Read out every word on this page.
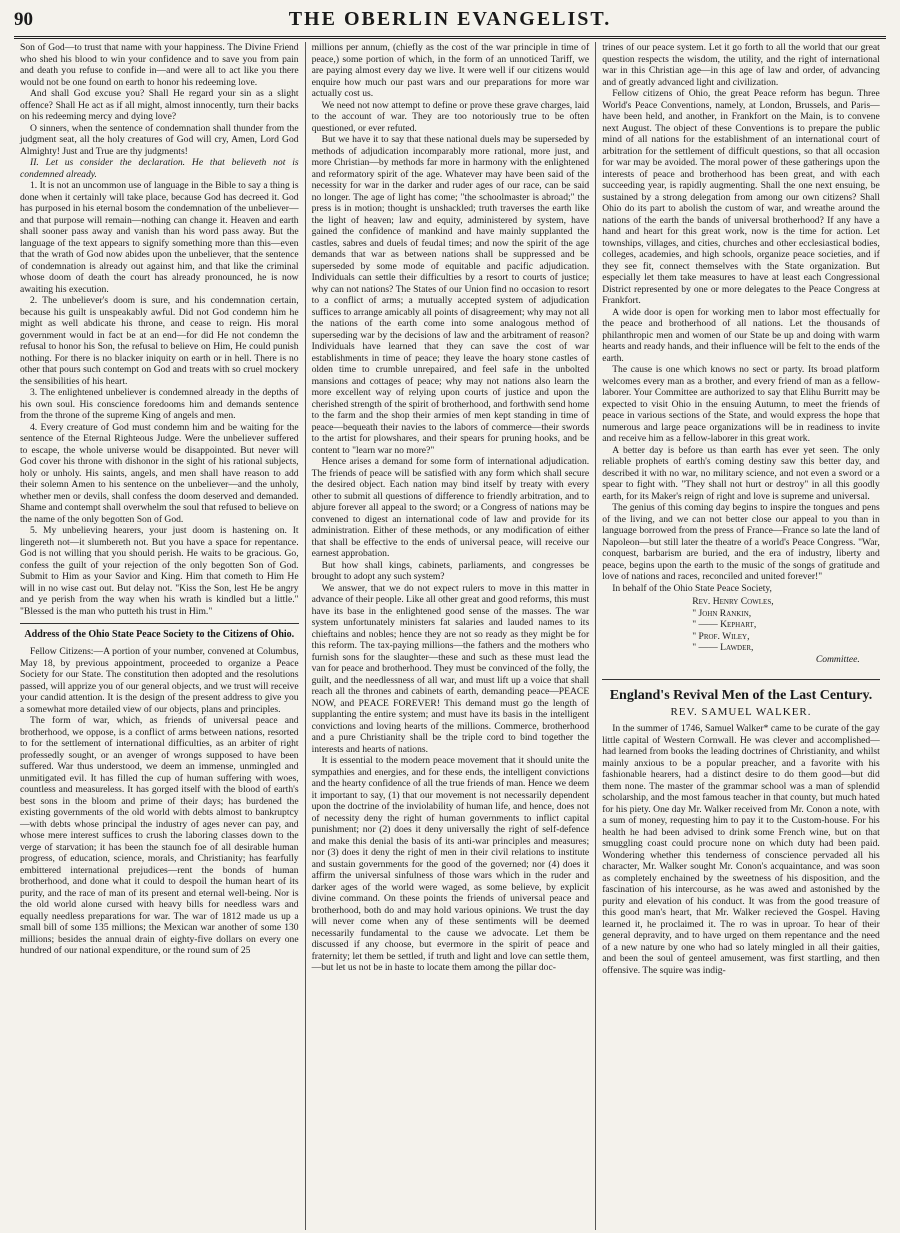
90	THE OBERLIN EVANGELIST.

Son of God—to trust that name with your happiness. The Divine Friend who shed his blood to win your confidence and to save you from pain and death you refuse to confide in—and were all to act like you there would not be one found on earth to honor his redeeming love.

And shall God excuse you? Shall He regard your sin as a slight offence? Shall He act as if all might, almost innocently, turn their backs on his redeeming mercy and dying love?

O sinners, when the sentence of condemnation shall thunder from the judgment seat, all the holy creatures of God will cry, Amen, Lord God Almighty! Just and True are thy judgments!

II. Let us consider the declaration. He that believeth not is condemned already.

1. It is not an uncommon use of language in the Bible to say a thing is done when it certainly will take place, because God has decreed it. God has purposed in his eternal bosom the condemnation of the unbeliever—and that purpose will remain—nothing can change it. Heaven and earth shall sooner pass away and vanish than his word pass away. But the language of the text appears to signify something more than this—even that the wrath of God now abides upon the unbeliever, that the sentence of condemnation is already out against him, and that like the criminal whose doom of death the court has already pronounced, he is now awaiting his execution.

2. The unbeliever's doom is sure, and his condemnation certain, because his guilt is unspeakably awful. Did not God condemn him he might as well abdicate his throne, and cease to reign. His moral government would in fact be at an end—for did He not condemn the refusal to honor his Son, the refusal to believe on Him, He could punish nothing. For there is no blacker iniquity on earth or in hell. There is no other that pours such contempt on God and treats with so cruel mockery the sensibilities of his heart.

3. The enlightened unbeliever is condemned already in the depths of his own soul. His conscience foredooms him and demands sentence from the throne of the supreme King of angels and men.

4. Every creature of God must condemn him and be waiting for the sentence of the Eternal Righteous Judge. Were the unbeliever suffered to escape, the whole universe would be disappointed. But never will God cover his throne with dishonor in the sight of his rational subjects, holy or unholy. His saints, angels, and men shall have reason to add their solemn Amen to his sentence on the unbeliever—and the unholy, whether men or devils, shall confess the doom deserved and demanded. Shame and contempt shall overwhelm the soul that refused to believe on the name of the only begotten Son of God.

5. My unbelieving hearers, your just doom is hastening on. It lingereth not—it slumbereth not. But you have a space for repentance. God is not willing that you should perish. He waits to be gracious. Go, confess the guilt of your rejection of the only begotten Son of God. Submit to Him as your Savior and King. Him that cometh to Him He will in no wise cast out. But delay not. "Kiss the Son, lest He be angry and ye perish from the way when his wrath is kindled but a little." "Blessed is the man who putteth his trust in Him."

Address of the Ohio State Peace Society to the Citizens of Ohio.

Fellow Citizens:—A portion of your number, convened at Columbus, May 18, by previous appointment, proceeded to organize a Peace Society for our State. The constitution then adopted and the resolutions passed, will apprize you of our general objects, and we trust will receive your candid attention. It is the design of the present address to give you a somewhat more detailed view of our objects, plans and principles.

The form of war, which, as friends of universal peace and brotherhood, we oppose, is a conflict of arms between nations, resorted to for the settlement of international difficulties, as an arbiter of right professedly sought, or an avenger of wrongs supposed to have been suffered. War thus understood, we deem an immense, unmingled and unmitigated evil. It has filled the cup of human suffering with woes, countless and measureless. It has gorged itself with the blood of earth's best sons in the bloom and prime of their days; has burdened the existing governments of the old world with debts almost to bankruptcy—with debts whose principal the industry of ages never can pay, and whose mere interest suffices to crush the laboring classes down to the verge of starvation; it has been the staunch foe of all desirable human progress, of education, science, morals, and Christianity; has fearfully embittered international prejudices—rent the bonds of human brotherhood, and done what it could to despoil the human heart of its purity, and the race of man of its present and eternal well-being. Nor is the old world alone cursed with heavy bills for needless wars and equally needless preparations for war. The war of 1812 made us up a small bill of some 135 millions; the Mexican war another of some 130 millions; besides the annual drain of eighty-five dollars on every one hundred of our national expenditure, or the round sum of 25

millions per annum, (chiefly as the cost of the war principle in time of peace,) some portion of which, in the form of an unnoticed Tariff, we are paying almost every day we live. It were well if our citizens would enquire how much our past wars and our preparations for more war actually cost us.

We need not now attempt to define or prove these grave charges, laid to the account of war. They are too notoriously true to be often questioned, or ever refuted.

But we have it to say that these national duels may be superseded by methods of adjudication incomparably more rational, more just, and more Christian—by methods far more in harmony with the enlightened and reformatory spirit of the age. Whatever may have been said of the necessity for war in the darker and ruder ages of our race, can be said no longer. The age of light has come; "the schoolmaster is abroad;" the press is in motion; thought is unshackled; truth traverses the earth like the light of heaven; law and equity, administered by system, have gained the confidence of mankind and have mainly supplanted the castles, sabres and duels of feudal times; and now the spirit of the age demands that war as between nations shall be suppressed and be superseded by some mode of equitable and pacific adjudication. Individuals can settle their difficulties by a resort to courts of justice; why can not nations? The States of our Union find no occasion to resort to a conflict of arms; a mutually accepted system of adjudication suffices to arrange amicably all points of disagreement; why may not all the nations of the earth come into some analogous method of superseding war by the decisions of law and the arbitrament of reason? Individuals have learned that they can save the cost of war establishments in time of peace; they leave the hoary stone castles of olden time to crumble unrepaired, and feel safe in the unbolted mansions and cottages of peace; why may not nations also learn the more excellent way of relying upon courts of justice and upon the cherished strength of the spirit of brotherhood, and forthwith send home to the farm and the shop their armies of men kept standing in time of peace—bequeath their navies to the labors of commerce—their swords to the artist for plowshares, and their spears for pruning hooks, and be content to "learn war no more?"

Hence arises a demand for some form of international adjudication. The friends of peace will be satisfied with any form which shall secure the desired object. Each nation may bind itself by treaty with every other to submit all questions of difference to friendly arbitration, and to abjure forever all appeal to the sword; or a Congress of nations may be convened to digest an international code of law and provide for its administration. Either of these methods, or any modification of either that shall be effective to the ends of universal peace, will receive our earnest approbation.

But how shall kings, cabinets, parliaments, and congresses be brought to adopt any such system?

We answer, that we do not expect rulers to move in this matter in advance of their people. Like all other great and good reforms, this must have its base in the enlightened good sense of the masses. The war system unfortunately ministers fat salaries and lauded names to its chieftains and nobles; hence they are not so ready as they might be for this reform. The tax-paying millions—the fathers and the mothers who furnish sons for the slaughter—these and such as these must lead the van for peace and brotherhood. They must be convinced of the folly, the guilt, and the needlessness of all war, and must lift up a voice that shall reach all the thrones and cabinets of earth, demanding peace—PEACE NOW, and PEACE FOREVER! This demand must go the length of supplanting the entire system; and must have its basis in the intelligent convictions and loving hearts of the millions. Commerce, brotherhood and a pure Christianity shall be the triple cord to bind together the interests and hearts of nations.

It is essential to the modern peace movement that it should unite the sympathies and energies, and for these ends, the intelligent convictions and the hearty confidence of all the true friends of man. Hence we deem it important to say, (1) that our movement is not necessarily dependent upon the doctrine of the inviolability of human life, and hence, does not of necessity deny the right of human governments to inflict capital punishment; nor (2) does it deny universally the right of self-defence and make this denial the basis of its anti-war principles and measures; nor (3) does it deny the right of men in their civil relations to institute and sustain governments for the good of the governed; nor (4) does it affirm the universal sinfulness of those wars which in the ruder and darker ages of the world were waged, as some believe, by explicit divine command. On these points the friends of universal peace and brotherhood, both do and may hold various opinions. We trust the day will never come when any of these sentiments will be deemed necessarily fundamental to the cause we advocate. Let them be discussed if any choose, but evermore in the spirit of peace and fraternity; let them be settled, if truth and light and love can settle them,—but let us not be in haste to locate them among the pillar doc-

trines of our peace system. Let it go forth to all the world that our great question respects the wisdom, the utility, and the right of international war in this Christian age—in this age of law and order, of advancing and of greatly advanced light and civilization.

Fellow citizens of Ohio, the great Peace reform has begun. Three World's Peace Conventions, namely, at London, Brussels, and Paris—have been held, and another, in Frankfort on the Main, is to convene next August. The object of these Conventions is to prepare the public mind of all nations for the establishment of an international court of arbitration for the settlement of difficult questions, so that all occasion for war may be avoided. The moral power of these gatherings upon the interests of peace and brotherhood has been great, and with each succeeding year, is rapidly augmenting. Shall the one next ensuing, be sustained by a strong delegation from among our own citizens? Shall Ohio do its part to abolish the custom of war, and wreathe around the nations of the earth the bands of universal brotherhood? If any have a hand and heart for this great work, now is the time for action. Let townships, villages, and cities, churches and other ecclesiastical bodies, colleges, academies, and high schools, organize peace societies, and if they see fit, connect themselves with the State organization. But especially let them take measures to have at least each Congressional District represented by one or more delegates to the Peace Congress at Frankfort.

A wide door is open for working men to labor most effectually for the peace and brotherhood of all nations. Let the thousands of philanthropic men and women of our State be up and doing with warm hearts and ready hands, and their influence will be felt to the ends of the earth.

The cause is one which knows no sect or party. Its broad platform welcomes every man as a brother, and every friend of man as a fellow-laborer. Your Committee are authorized to say that Elihu Burritt may be expected to visit Ohio in the ensuing Autumn, to meet the friends of peace in various sections of the State, and would express the hope that numerous and large peace organizations will be in readiness to invite and receive him as a fellow-laborer in this great work.

A better day is before us than earth has ever yet seen. The only reliable prophets of earth's coming destiny saw this better day, and described it with no war, no military science, and not even a sword or a spear to fight with. "They shall not hurt or destroy" in all this goodly earth, for its Maker's reign of right and love is supreme and universal.

The genius of this coming day begins to inspire the tongues and pens of the living, and we can not better close our appeal to you than in language borrowed from the press of France—France so late the land of Napoleon—but still later the theatre of a world's Peace Congress. "War, conquest, barbarism are buried, and the era of industry, liberty and peace, begins upon the earth to the music of the songs of gratitude and love of nations and races, reconciled and united forever!"

In behalf of the Ohio State Peace Society,

Rev. Henry Cowles,
" John Rankin,
" —— Kephart,
" Prof. Wiley,
" —— Lawder,
Committee.
England's Revival Men of the Last Century.
REV. SAMUEL WALKER.

In the summer of 1746, Samuel Walker* came to be curate of the gay little capital of Western Cornwall. He was clever and accomplished—had learned from books the leading doctrines of Christianity, and whilst mainly anxious to be a popular preacher, and a favorite with his fashionable hearers, had a distinct desire to do them good—but did them none. The master of the grammar school was a man of splendid scholarship, and the most famous teacher in that county, but much hated for his piety. One day Mr. Walker received from Mr. Conon a note, with a sum of money, requesting him to pay it to the Custom-house. For his health he had been advised to drink some French wine, but on that smuggling coast could procure none on which duty had been paid. Wondering whether this tenderness of conscience pervaded all his character, Mr. Walker sought Mr. Conon's acquaintance, and was soon as completely enchained by the sweetness of his disposition, and the fascination of his intercourse, as he was awed and astonished by the purity and elevation of his conduct. It was from the good treasure of this good man's heart, that Mr. Walker recieved the Gospel. Having learned it, he proclaimed it. The ro was in uproar. To hear of their general depravity, and to have urged on them repentance and the need of a new nature by one who had so lately mingled in all their gaities, and been the soul of genteel amusement, was first startling, and then offensive. The squire was indig-
